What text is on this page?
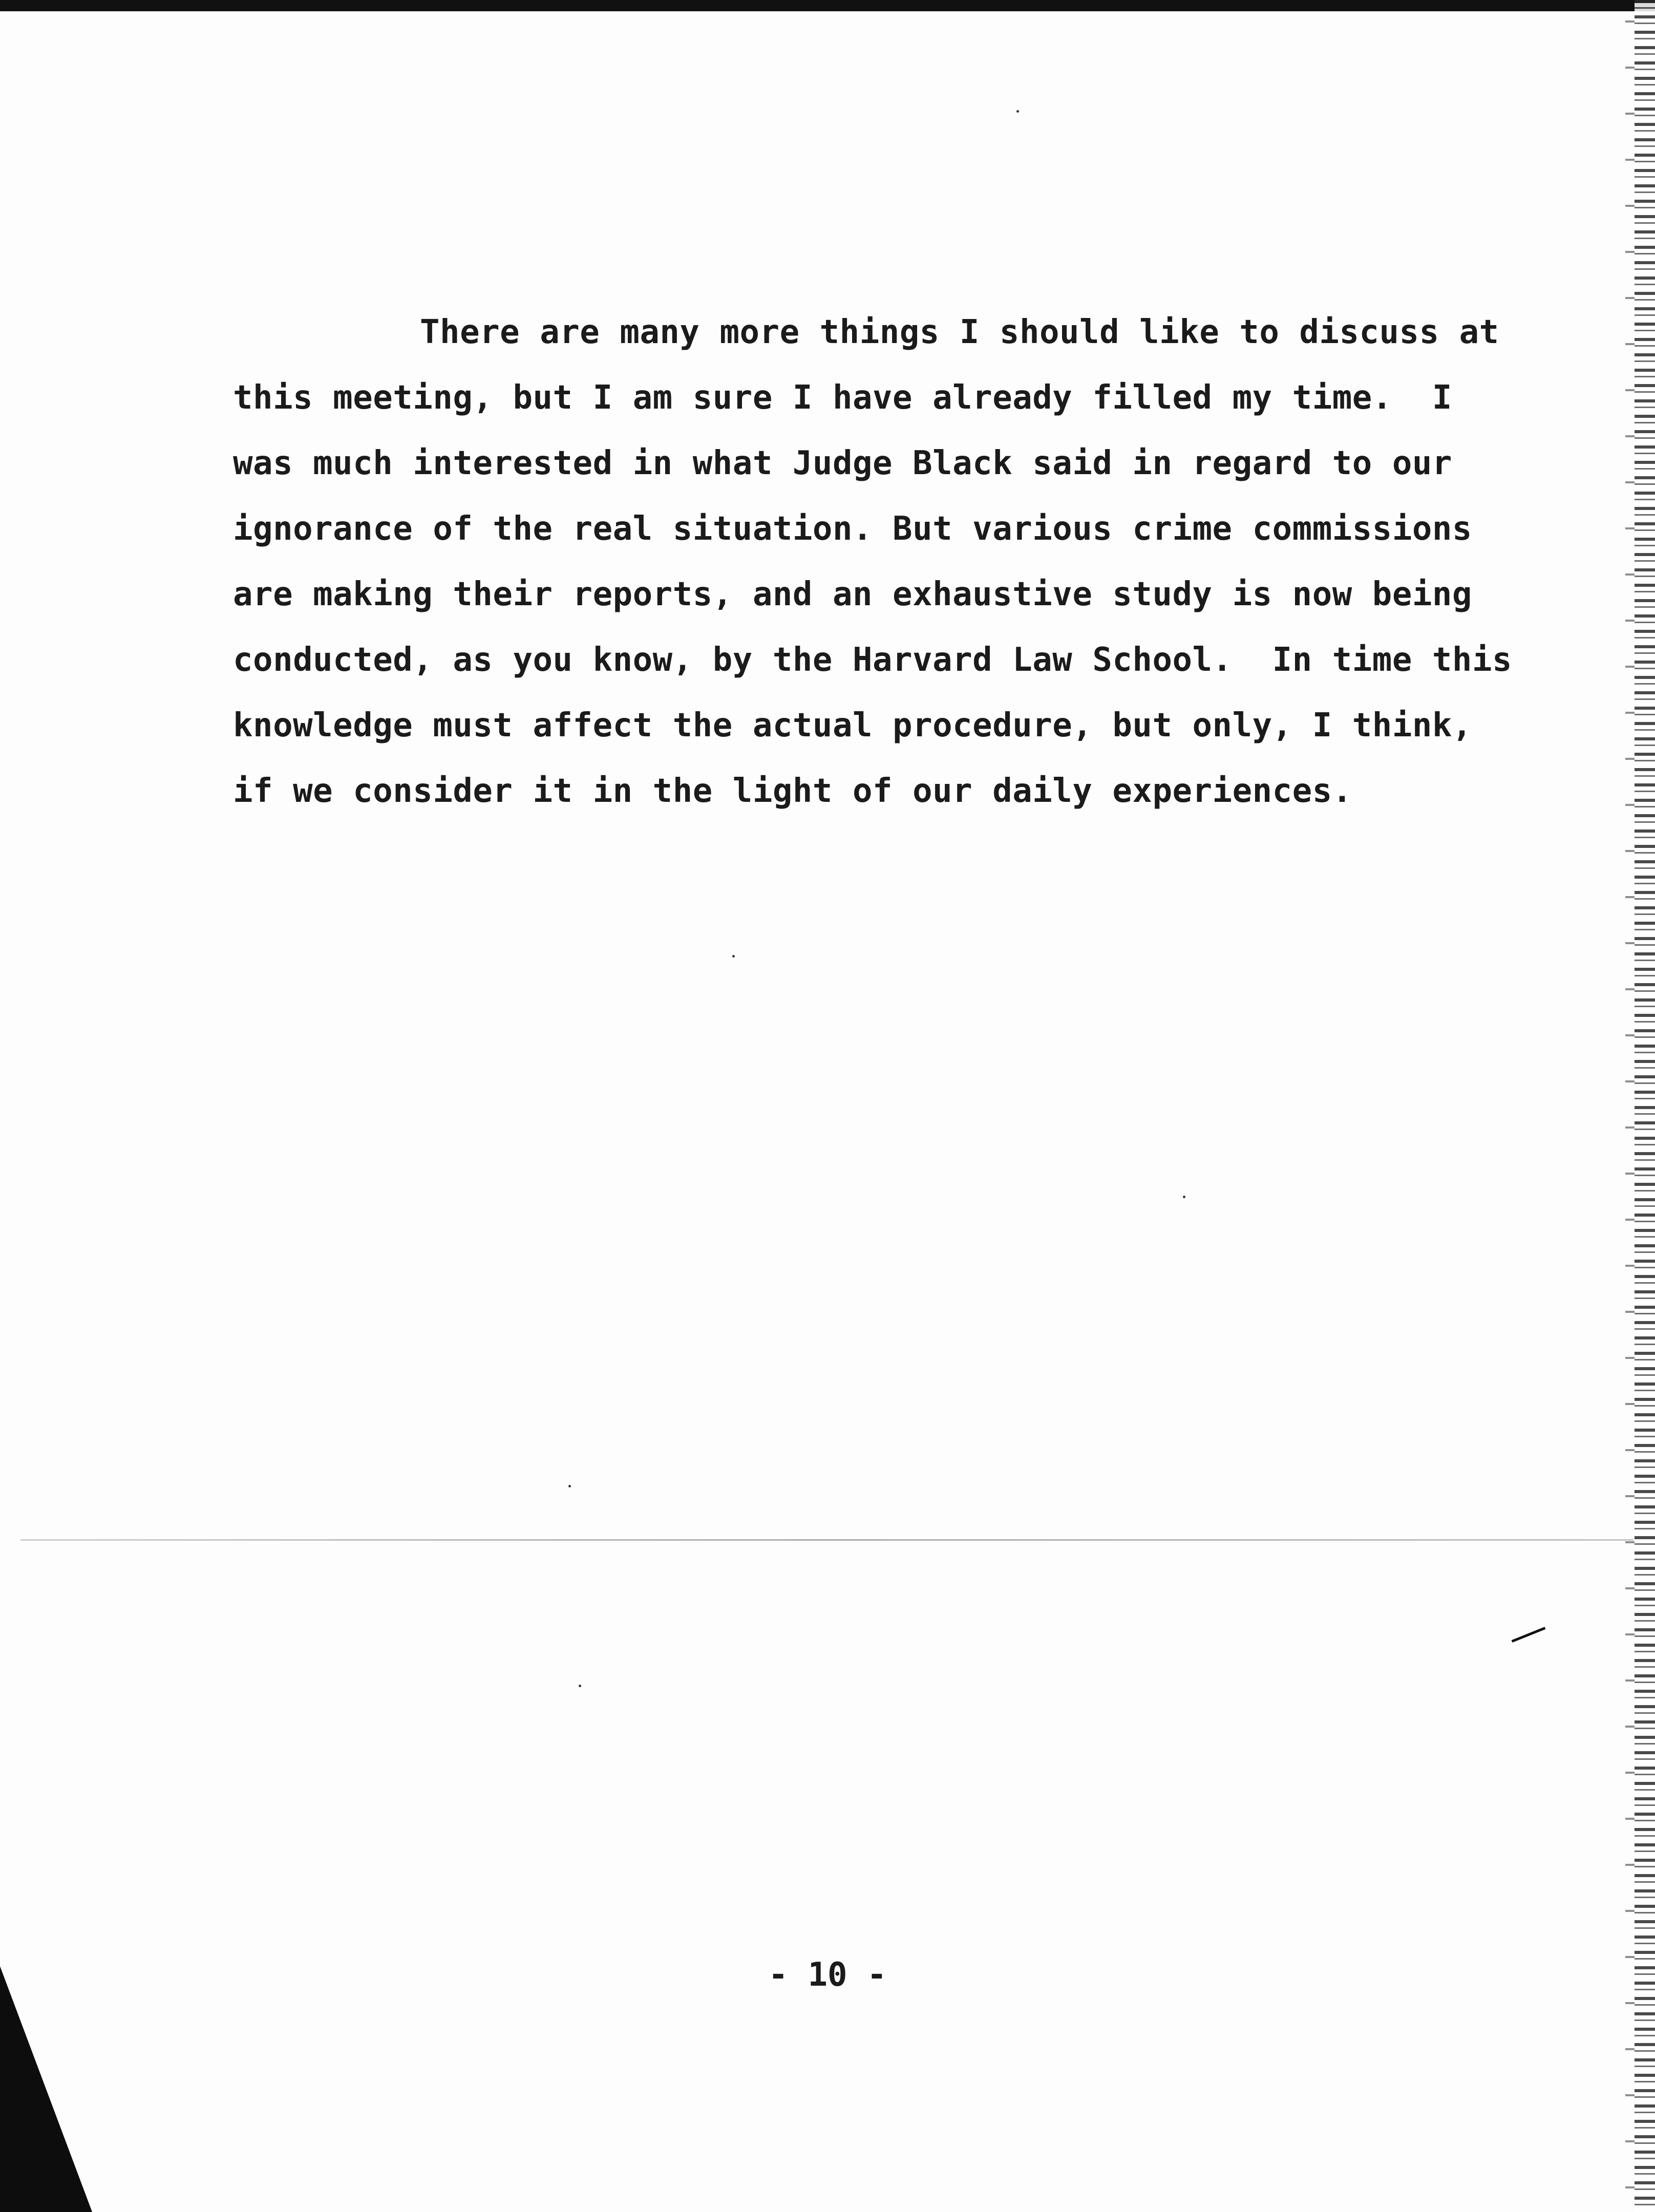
There are many more things I should like to discuss at
this meeting, but I am sure I have already filled my time.  I
was much interested in what Judge Black said in regard to our
ignorance of the real situation. But various crime commissions
are making their reports, and an exhaustive study is now being
conducted, as you know, by the Harvard Law School.  In time this
knowledge must affect the actual procedure, but only, I think,
if we consider it in the light of our daily experiences.
- 10 -
